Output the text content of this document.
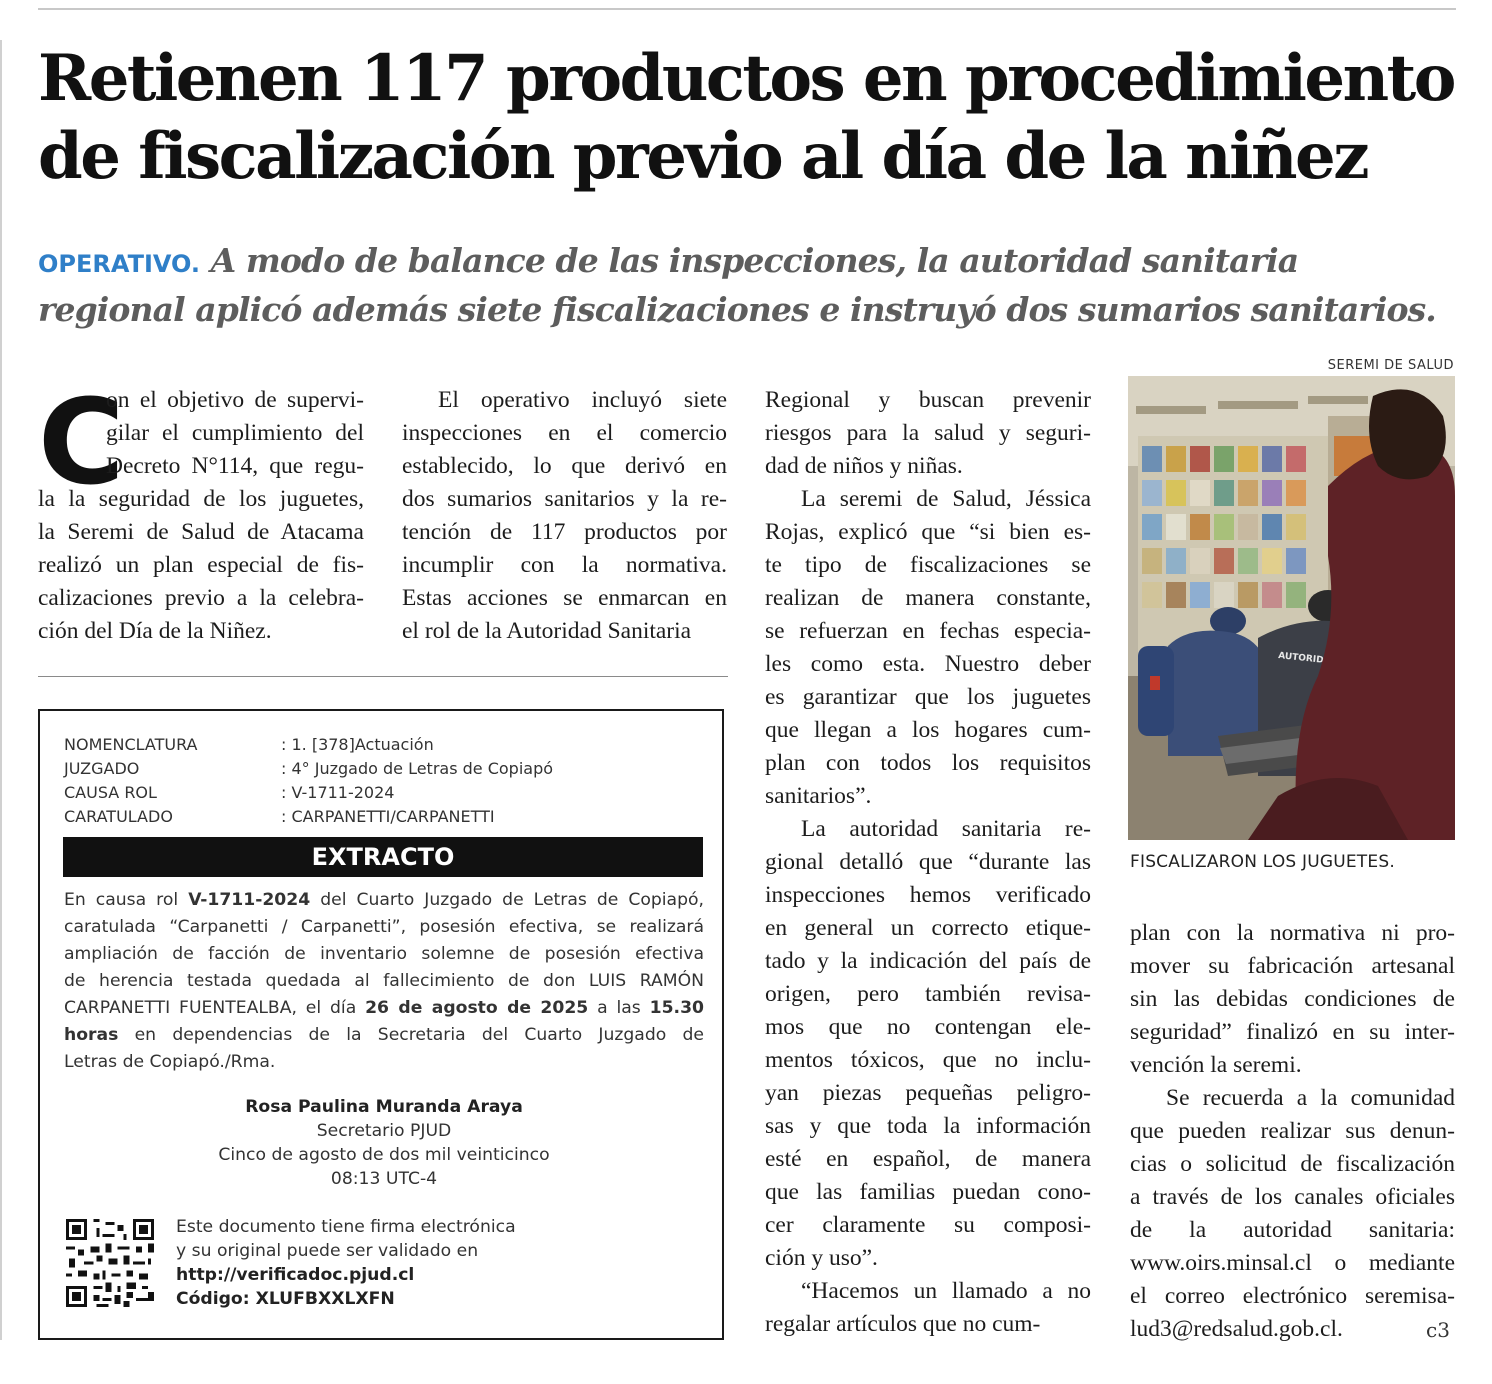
Retienen 117 productos en procedimiento
de fiscalización previo al día de la niñez
OPERATIVO. A modo de balance de las inspecciones, la autoridad sanitaria
regional aplicó además siete fiscalizaciones e instruyó dos sumarios sanitarios.
C
on el objetivo de supervi-
gilar el cumplimiento del
Decreto N°114, que regu-
la la seguridad de los juguetes,
la Seremi de Salud de Atacama
realizó un plan especial de fis-
calizaciones previo a la celebra-
ción del Día de la Niñez.
El operativo incluyó siete
inspecciones en el comercio
establecido, lo que derivó en
dos sumarios sanitarios y la re-
tención de 117 productos por
incumplir con la normativa.
Estas acciones se enmarcan en
el rol de la Autoridad Sanitaria
Regional y buscan prevenir
riesgos para la salud y seguri-
dad de niños y niñas.
La seremi de Salud, Jéssica
Rojas, explicó que “si bien es-
te tipo de fiscalizaciones se
realizan de manera constante,
se refuerzan en fechas especia-
les como esta. Nuestro deber
es garantizar que los juguetes
que llegan a los hogares cum-
plan con todos los requisitos
sanitarios”.
La autoridad sanitaria re-
gional detalló que “durante las
inspecciones hemos verificado
en general un correcto etique-
tado y la indicación del país de
origen, pero también revisa-
mos que no contengan ele-
mentos tóxicos, que no inclu-
yan piezas pequeñas peligro-
sas y que toda la información
esté en español, de manera
que las familias puedan cono-
cer claramente su composi-
ción y uso”.
“Hacemos un llamado a no
regalar artículos que no cum-
plan con la normativa ni pro-
mover su fabricación artesanal
sin las debidas condiciones de
seguridad” finalizó en su inter-
vención la seremi.
Se recuerda a la comunidad
que pueden realizar sus denun-
cias o solicitud de fiscalización
a través de los canales oficiales
de la autoridad sanitaria:
www.oirs.minsal.cl o mediante
el correo electrónico seremisa-
lud3@redsalud.gob.cl.
SEREMI DE SALUD
AUTORIDAD
FISCALIZARON LOS JUGUETES.
NOMENCLATURA	: 1. [378]Actuación
JUZGADO	: 4° Juzgado de Letras de Copiapó
CAUSA ROL	: V-1711-2024
CARATULADO	: CARPANETTI/CARPANETTI
EXTRACTO
En causa rol V-1711-2024 del Cuarto Juzgado de Letras de Copiapó,
caratulada “Carpanetti / Carpanetti”, posesión efectiva, se realizará
ampliación de facción de inventario solemne de posesión efectiva
de herencia testada quedada al fallecimiento de don LUIS RAMÓN
CARPANETTI FUENTEALBA, el día 26 de agosto de 2025 a las 15.30
horas en dependencias de la Secretaria del Cuarto Juzgado de
Letras de Copiapó./Rma.
Rosa Paulina Muranda Araya
Secretario PJUD
Cinco de agosto de dos mil veinticinco
08:13 UTC-4
Este documento tiene firma electrónica
y su original puede ser validado en
http://verificadoc.pjud.cl
Código: XLUFBXXLXFN
c3
